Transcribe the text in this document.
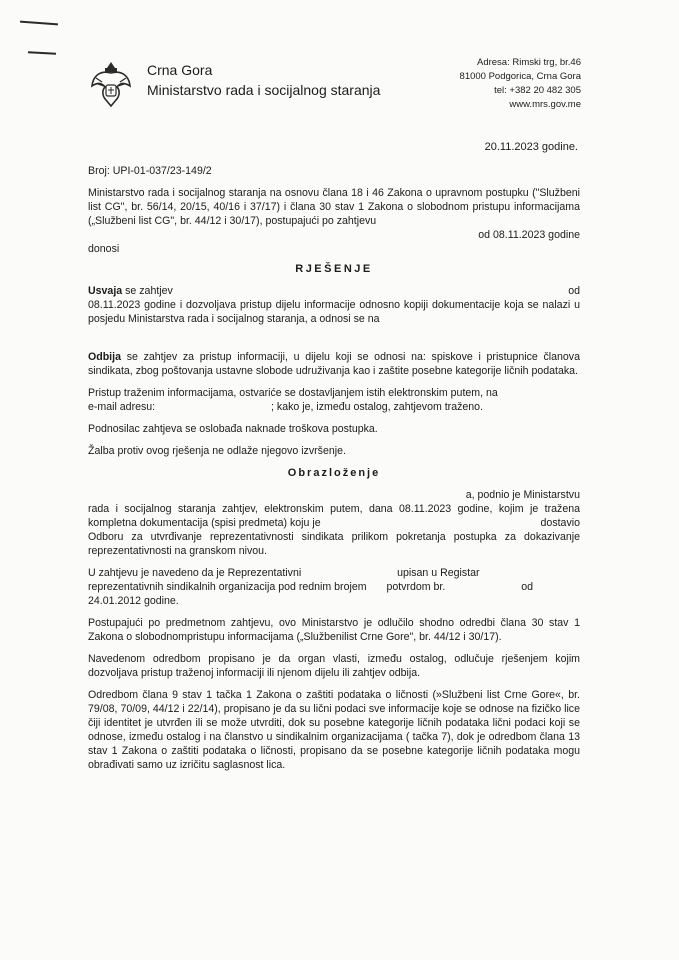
Crna Gora
Ministarstvo rada i socijalnog staranja
Adresa: Rimski trg, br.46
81000 Podgorica, Crna Gora
tel: +382 20 482 305
www.mrs.gov.me
20.11.2023 godine.

Broj: UPI-01-037/23-149/2

Ministarstvo rada i socijalnog staranja na osnovu člana 18 i 46 Zakona o upravnom postupku ("Službeni list CG", br. 56/14, 20/15, 40/16 i 37/17) i člana 30 stav 1 Zakona o slobodnom pristupu informacijama („Službeni list CG", br. 44/12 i 30/17), postupajući po zahtjevu

od 08.11.2023 godine

donosi

RJEŠENJE

Usvaja se zahtjev	od

08.11.2023 godine i dozvoljava pristup dijelu informacije odnosno kopiji dokumentacije koja se nalazi u posjedu Ministarstva rada i socijalnog staranja, a odnosi se na

Odbija se zahtjev za pristup informaciji, u dijelu koji se odnosi na: spiskove i pristupnice članova sindikata, zbog poštovanja ustavne slobode udruživanja kao i zaštite posebne kategorije ličnih podataka.

Pristup traženim informacijama, ostvariće se dostavljanjem istih elektronskim putem, na
e-mail adresu:	; kako je, između ostalog, zahtjevom traženo.

Podnosilac zahtjeva se oslobađa naknade troškova postupka.

Žalba protiv ovog rješenja ne odlaže njegovo izvršenje.

Obrazloženje

a, podnio je Ministarstvu

rada i socijalnog staranja zahtjev, elektronskim putem, dana 08.11.2023 godine, kojim je tražena kompletna dokumentacija (spisi predmeta) koju je	dostavio

Odboru za utvrđivanje reprezentativnosti sindikata prilikom pokretanja postupka za dokazivanje reprezentativnosti na granskom nivou.

U zahtjevu je navedeno da je Reprezentativni	upisan u Registar
reprezentativnih sindikalnih organizacija pod rednim brojem potvrdom br.	od
24.01.2012 godine.

Postupajući po predmetnom zahtjevu, ovo Ministarstvo je odlučilo shodno odredbi člana 30 stav 1 Zakona o slobodnompristupu informacijama („Službenilist Crne Gore", br. 44/12 i 30/17).

Navedenom odredbom propisano je da organ vlasti, između ostalog, odlučuje rješenjem kojim dozvoljava pristup traženoj informaciji ili njenom dijelu ili zahtjev odbija.

Odredbom člana 9 stav 1 tačka 1 Zakona o zaštiti podataka o ličnosti (»Službeni list Crne Gore«, br. 79/08, 70/09, 44/12 i 22/14), propisano je da su lični podaci sve informacije koje se odnose na fizičko lice čiji identitet je utvrđen ili se može utvrditi, dok su posebne kategorije ličnih podataka lični podaci koji se odnose, između ostalog i na članstvo u sindikalnim organizacijama ( tačka 7), dok je odredbom člana 13 stav 1 Zakona o zaštiti podataka o ličnosti, propisano da se posebne kategorije ličnih podataka mogu obrađivati samo uz izričitu saglasnost lica.
